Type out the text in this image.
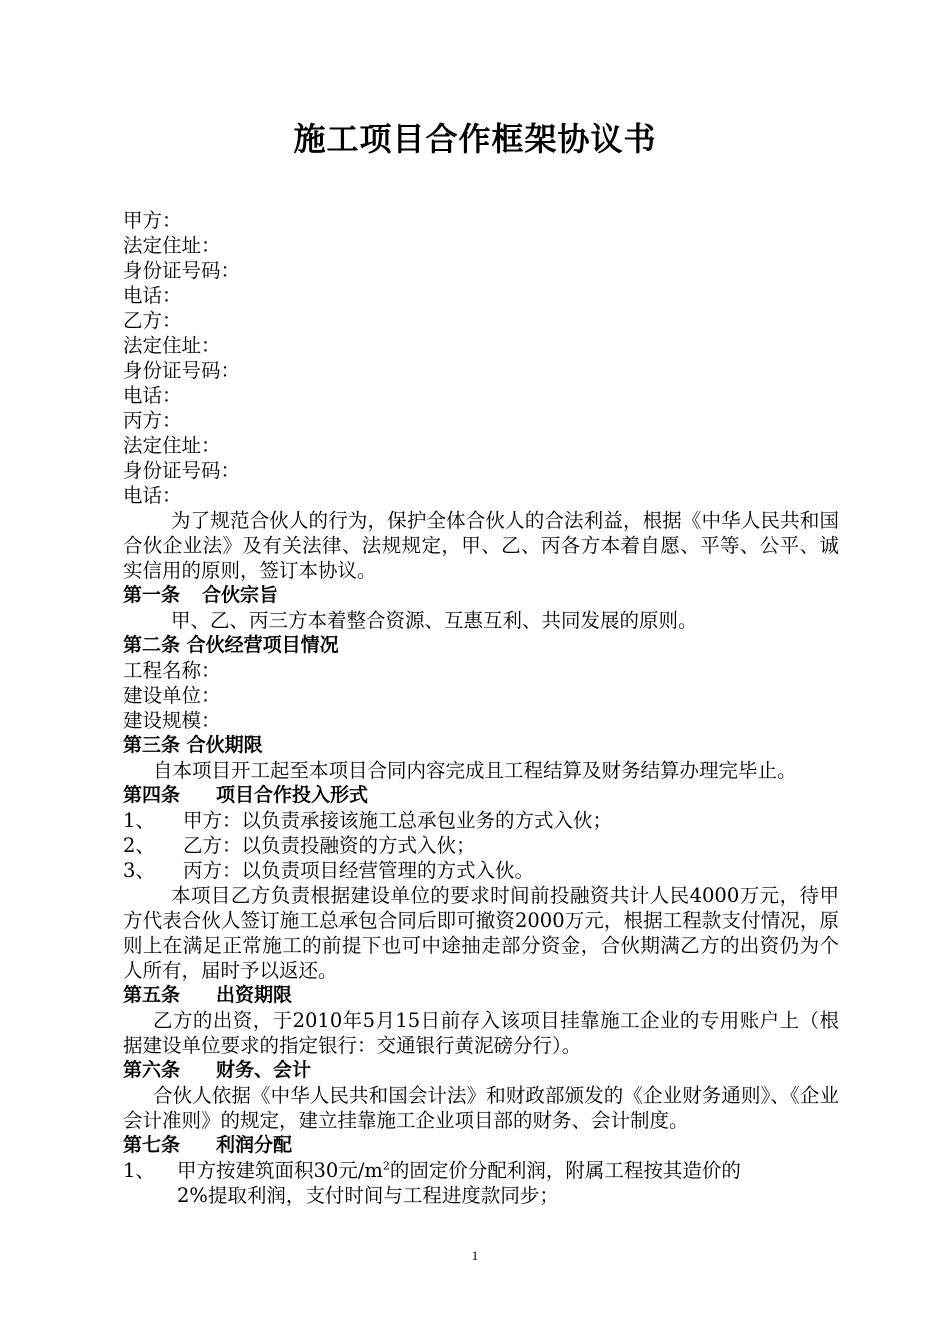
施工项目合作框架协议书
甲方：
法定住址：
身份证号码：
电话：
乙方：
法定住址：
身份证号码：
电话：
丙方：
法定住址：
身份证号码：
电话：
为了规范合伙人的行为，保护全体合伙人的合法利益，根据《中华人民共和国合伙企业法》及有关法律、法规规定，甲、乙、丙各方本着自愿、平等、公平、诚实信用的原则，签订本协议。
第一条 合伙宗旨
甲、乙、丙三方本着整合资源、互惠互利、共同发展的原则。
第二条 合伙经营项目情况
工程名称：
建设单位：
建设规模：
第三条 合伙期限
自本项目开工起至本项目合同内容完成且工程结算及财务结算办理完毕止。
第四条 项目合作投入形式
1、	甲方：以负责承接该施工总承包业务的方式入伙；
2、	乙方：以负责投融资的方式入伙；
3、	丙方：以负责项目经营管理的方式入伙。
本项目乙方负责根据建设单位的要求时间前投融资共计人民4000万元，待甲方代表合伙人签订施工总承包合同后即可撤资2000万元，根据工程款支付情况，原则上在满足正常施工的前提下也可中途抽走部分资金，合伙期满乙方的出资仍为个人所有，届时予以返还。
第五条 出资期限
乙方的出资，于2010年5月15日前存入该项目挂靠施工企业的专用账户上（根据建设单位要求的指定银行：交通银行黄泥磅分行）。
第六条 财务、会计
合伙人依据《中华人民共和国会计法》和财政部颁发的《企业财务通则》、《企业会计准则》的规定，建立挂靠施工企业项目部的财务、会计制度。
第七条 利润分配
1、	甲方按建筑面积30元$/m^2$的固定价分配利润，附属工程按其造价的
2%提取利润，支付时间与工程进度款同步；
1
